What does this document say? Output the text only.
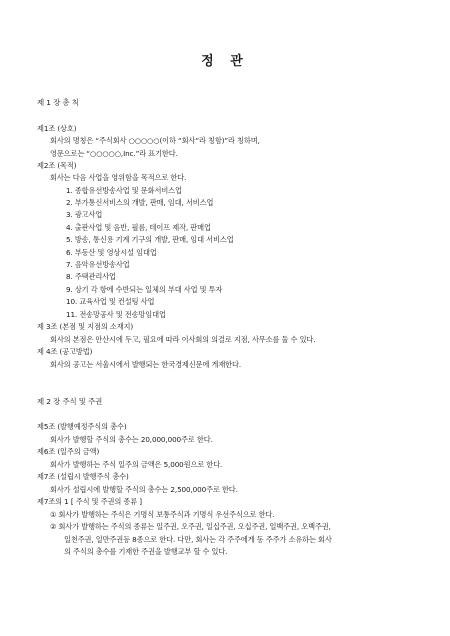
정 관
제 1 장 총 칙
제1조 (상호)
회사의 명칭은 “주식회사 ○○○○○(이하 “회사”라 칭함)”라 칭하며,
영문으로는 “○○○○○,Inc.”라 표기한다.
제2조 (목적)
회사는 다음 사업을 영위함을 목적으로 한다.
1. 종합유선방송사업 및 문화서비스업
2. 부가통신서비스의 개발, 판매, 임대, 서비스업
3. 광고사업
4. 출판사업 및 음반, 필름, 테이프 제작, 판매업
5. 방송, 통신용 기계 기구의 개발, 판매, 임대 서비스업
6. 부동산 및 영상시설 임대업
7. 음악유선방송사업
8. 주택관리사업
9. 상기 각 항에 수반되는 일체의 부대 사업 및 투자
10. 교육사업 및 컨설팅 사업
11. 전송망공사 및 전송망임대업
제 3조 (본점 및 지점의 소재지)
회사의 본점은 안산시에 두고, 필요에 따라 이사회의 의결로 지점, 사무소를 둘 수 있다.
제 4조 (공고방법)
회사의 공고는 서울시에서 발행되는 한국경제신문에 게재한다.
제 2 장 주식 및 주권
제5조 (발행예정주식의 총수)
회사가 발행할 주식의 총수는 20,000,000주로 한다.
제6조 (일주의 금액)
회사가 발행하는 주식 일주의 금액은 5,000원으로 한다.
제7조 (설립시 발행주식 총수)
회사가 설립시에 발행할 주식의 총수는 2,500,000주로 한다.
제7조의 1 [ 주식 및 주권의 종류 ]
① 회사가 발행하는 주식은 기명식 보통주식과 기명식 우선주식으로 한다.
② 회사가 발행하는 주식의 종류는 일주권, 오주권, 일십주권, 오십주권, 일백주권, 오백주권,
일천주권, 일만주권등 8종으로 한다. 다만, 회사는 각 주주에게 동 주주가 소유하는 회사
의 주식의 총수를 기재한 주권을 발행교부 할 수 있다.
